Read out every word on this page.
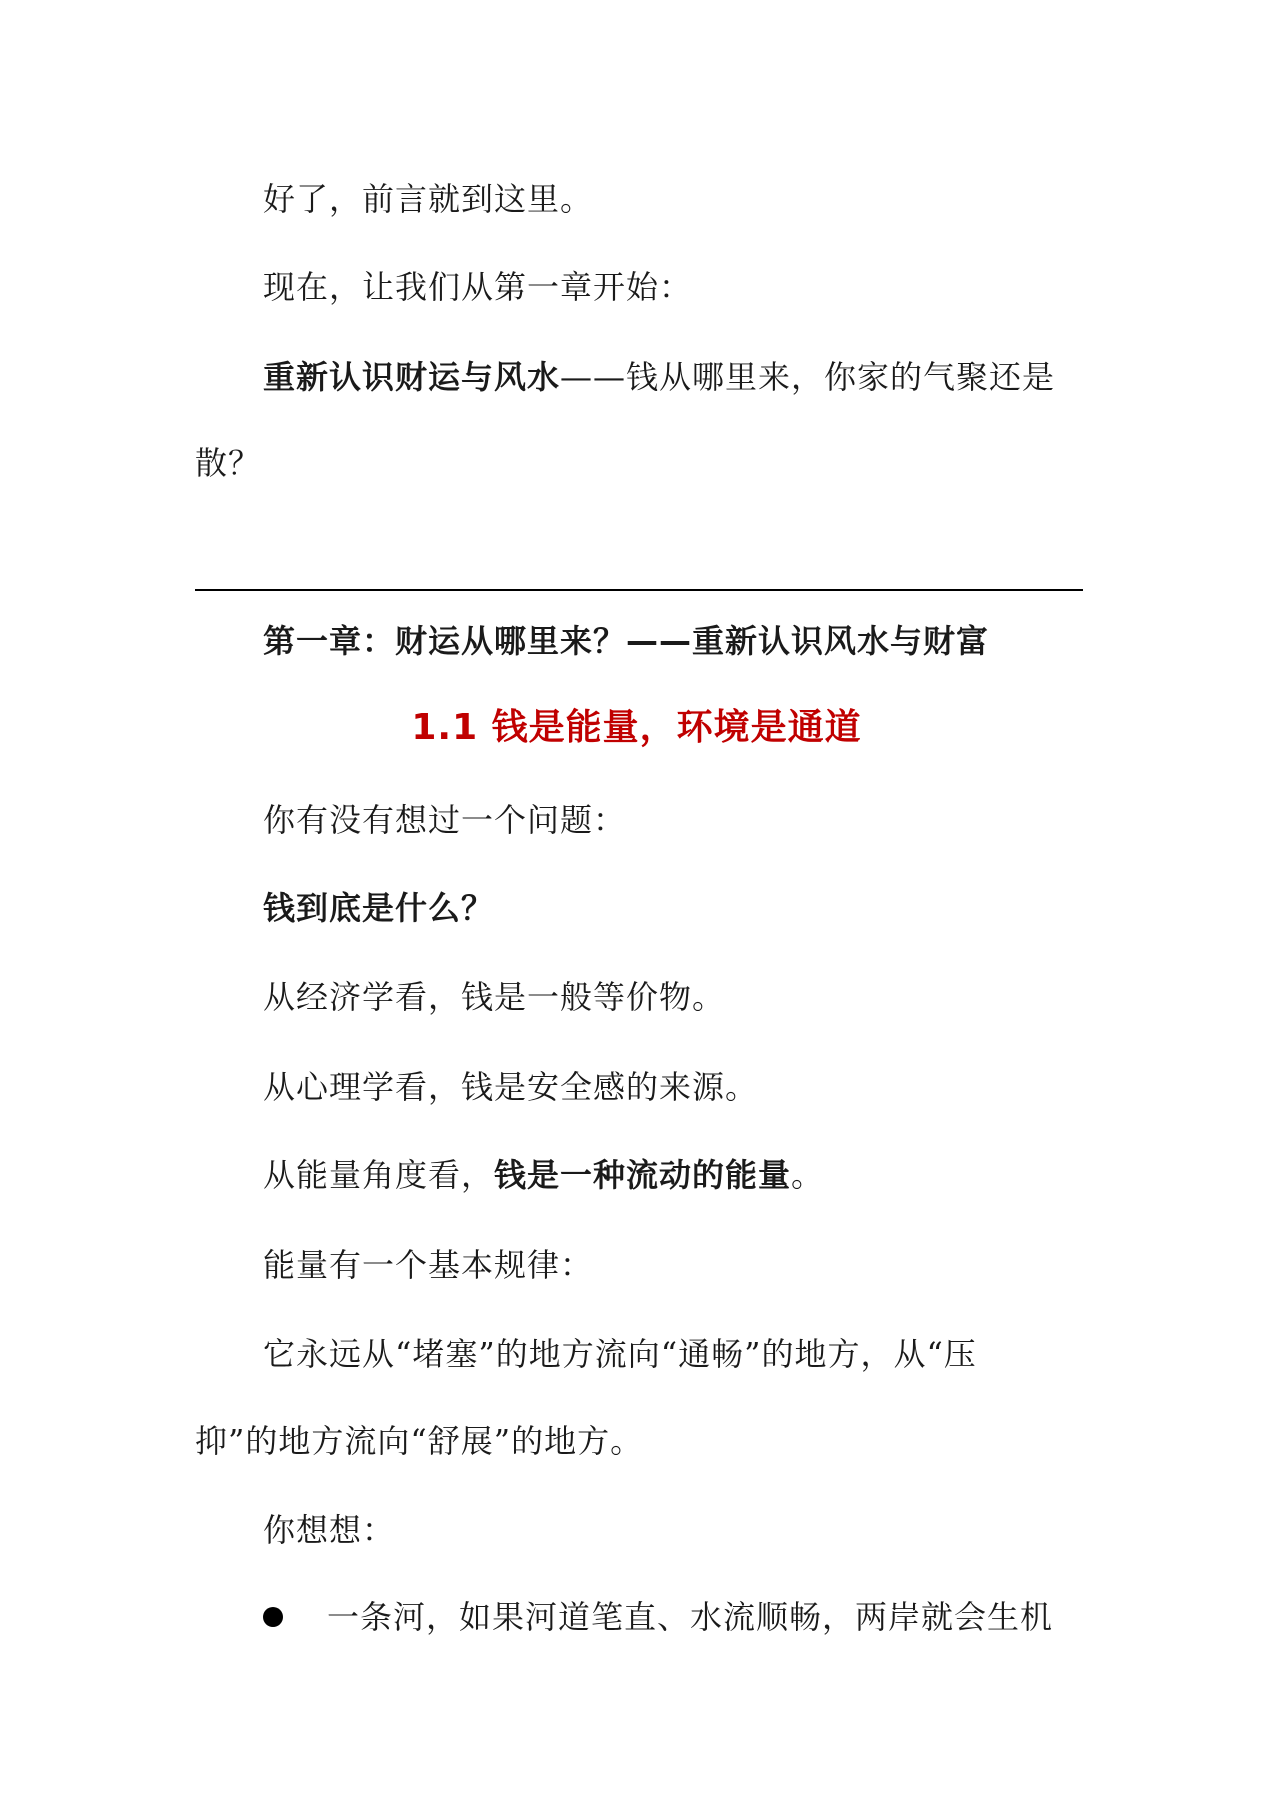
好了，前言就到这里。
现在，让我们从第一章开始：
重新认识财运与风水——钱从哪里来，你家的气聚还是
散？
第一章：财运从哪里来？——重新认识风水与财富
1.1 钱是能量，环境是通道
你有没有想过一个问题：
钱到底是什么？
从经济学看，钱是一般等价物。
从心理学看，钱是安全感的来源。
从能量角度看，钱是一种流动的能量。
能量有一个基本规律：
它永远从“堵塞”的地方流向“通畅”的地方，从“压
抑”的地方流向“舒展”的地方。
你想想：
一条河，如果河道笔直、水流顺畅，两岸就会生机
